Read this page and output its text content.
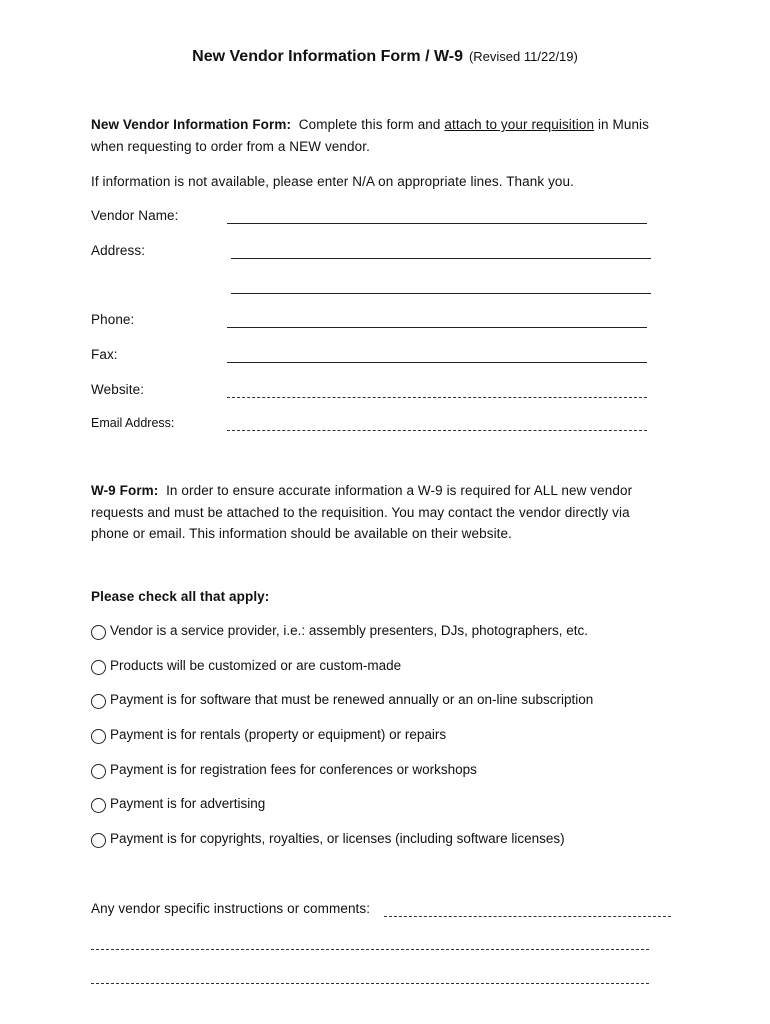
New Vendor Information Form / W-9 (Revised 11/22/19)
New Vendor Information Form: Complete this form and attach to your requisition in Munis
when requesting to order from a NEW vendor.
If information is not available, please enter N/A on appropriate lines. Thank you.
Vendor Name:
Address:
Phone:
Fax:
Website:
Email Address:
W-9 Form: In order to ensure accurate information a W-9 is required for ALL new vendor
requests and must be attached to the requisition. You may contact the vendor directly via
phone or email. This information should be available on their website.
Please check all that apply:
Vendor is a service provider, i.e.: assembly presenters, DJs, photographers, etc.
Products will be customized or are custom-made
Payment is for software that must be renewed annually or an on-line subscription
Payment is for rentals (property or equipment) or repairs
Payment is for registration fees for conferences or workshops
Payment is for advertising
Payment is for copyrights, royalties, or licenses (including software licenses)
Any vendor specific instructions or comments:
